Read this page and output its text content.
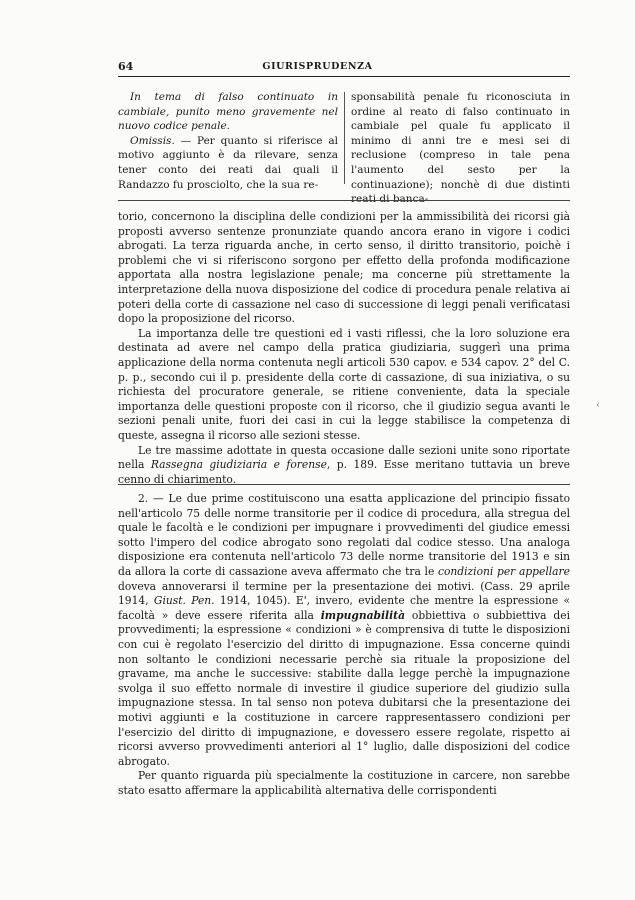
64	GIURISPRUDENZA

In tema di falso continuato in cambiale, punito meno gravemente nel nuovo codice penale.

Omissis. — Per quanto si riferisce al motivo aggiunto è da rilevare, senza tener conto dei reati dai quali il Randazzo fu prosciolto, che la sua re-

sponsabilità penale fu riconosciuta in ordine al reato di falso continuato in cambiale pel quale fu applicato il minimo di anni tre e mesi sei di reclusione (compreso in tale pena l'aumento del sesto per la continuazione); nonchè di due distinti reati di banca-

torio, concernono la disciplina delle condizioni per la ammissibilità dei ricorsi già proposti avverso sentenze pronunziate quando ancora erano in vigore i codici abrogati. La terza riguarda anche, in certo senso, il diritto transitorio, poichè i problemi che vi si riferiscono sorgono per effetto della profonda modificazione apportata alla nostra legislazione penale; ma concerne più strettamente la interpretazione della nuova disposizione del codice di procedura penale relativa ai poteri della corte di cassazione nel caso di successione di leggi penali verificatasi dopo la proposizione del ricorso.

La importanza delle tre questioni ed i vasti riflessi, che la loro soluzione era destinata ad avere nel campo della pratica giudiziaria, suggerì una prima applicazione della norma contenuta negli articoli 530 capov. e 534 capov. 2° del C. p. p., secondo cui il p. presidente della corte di cassazione, di sua iniziativa, o su richiesta del procuratore generale, se ritiene conveniente, data la speciale importanza delle questioni proposte con il ricorso, che il giudizio segua avanti le sezioni penali unite, fuori dei casi in cui la legge stabilisce la competenza di queste, assegna il ricorso alle sezioni stesse.

Le tre massime adottate in questa occasione dalle sezioni unite sono riportate nella Rassegna giudiziaria e forense, p. 189. Esse meritano tuttavia un breve cenno di chiarimento.

2. — Le due prime costituiscono una esatta applicazione del principio fissato nell'articolo 75 delle norme transitorie per il codice di procedura, alla stregua del quale le facoltà e le condizioni per impugnare i provvedimenti del giudice emessi sotto l'impero del codice abrogato sono regolati dal codice stesso. Una analoga disposizione era contenuta nell'articolo 73 delle norme transitorie del 1913 e sin da allora la corte di cassazione aveva affermato che tra le condizioni per appellare doveva annoverarsi il termine per la presentazione dei motivi. (Cass. 29 aprile 1914, Giust. Pen. 1914, 1045). E', invero, evidente che mentre la espressione « facoltà » deve essere riferita alla impugnabilità obbiettiva o subbiettiva dei provvedimenti; la espressione « condizioni » è comprensiva di tutte le disposizioni con cui è regolato l'esercizio del diritto di impugnazione. Essa concerne quindi non soltanto le condizioni necessarie perchè sia rituale la proposizione del gravame, ma anche le successive: stabilite dalla legge perchè la impugnazione svolga il suo effetto normale di investire il giudice superiore del giudizio sulla impugnazione stessa. In tal senso non poteva dubitarsi che la presentazione dei motivi aggiunti e la costituzione in carcere rappresentassero condizioni per l'esercizio del diritto di impugnazione, e dovessero essere regolate, rispetto ai ricorsi avverso provvedimenti anteriori al 1° luglio, dalle disposizioni del codice abrogato.

Per quanto riguarda più specialmente la costituzione in carcere, non sarebbe stato esatto affermare la applicabilità alternativa delle corrispondenti

‹
